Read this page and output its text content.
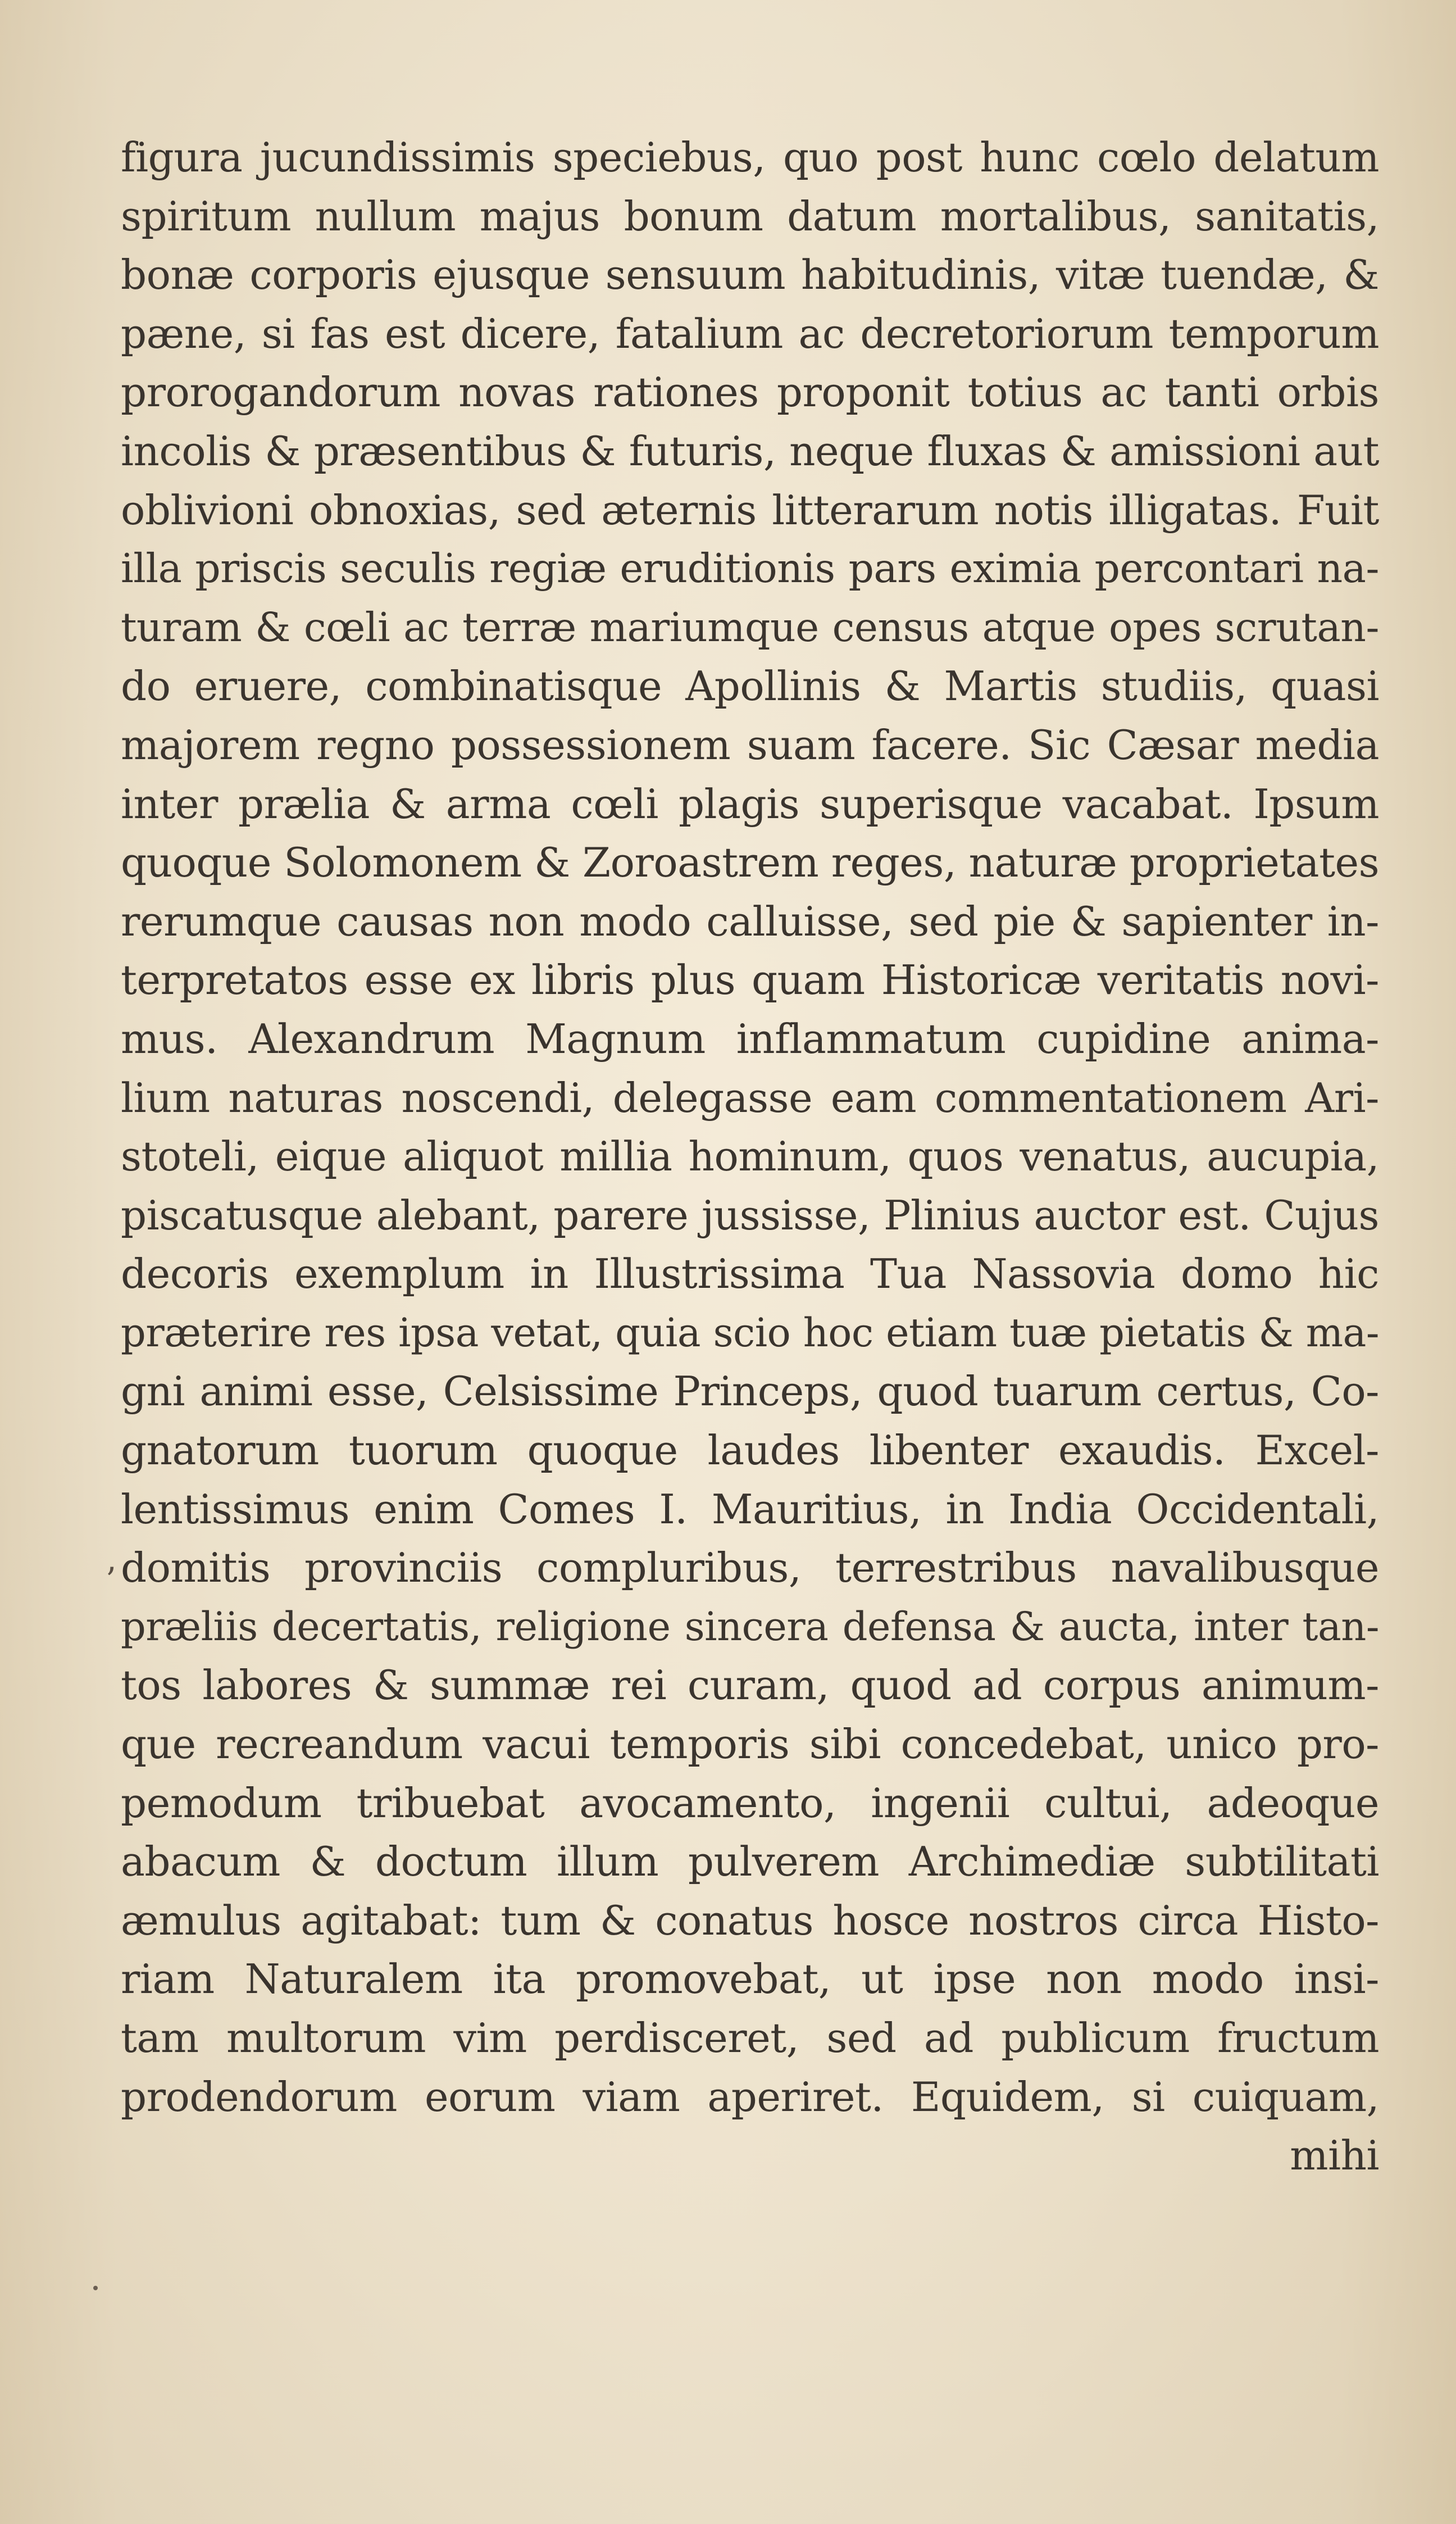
figura jucundissimis speciebus, quo post hunc cœlo delatum
spiritum nullum majus bonum datum mortalibus, sanitatis,
bonæ corporis ejusque sensuum habitudinis, vitæ tuendæ, &
pæne, si fas est dicere, fatalium ac decretoriorum temporum
prorogandorum novas rationes proponit totius ac tanti orbis
incolis & præsentibus & futuris, neque fluxas & amissioni aut
oblivioni obnoxias, sed æternis litterarum notis illigatas. Fuit
illa priscis seculis regiæ eruditionis pars eximia percontari na-
turam & cœli ac terræ mariumque census atque opes scrutan-
do eruere, combinatisque Apollinis & Martis studiis, quasi
majorem regno possessionem suam facere. Sic Cæsar media
inter prælia & arma cœli plagis superisque vacabat. Ipsum
quoque Solomonem & Zoroastrem reges, naturæ proprietates
rerumque causas non modo calluisse, sed pie & sapienter in-
terpretatos esse ex libris plus quam Historicæ veritatis novi-
mus. Alexandrum Magnum inflammatum cupidine anima-
lium naturas noscendi, delegasse eam commentationem Ari-
stoteli, eique aliquot millia hominum, quos venatus, aucupia,
piscatusque alebant, parere jussisse, Plinius auctor est. Cujus
decoris exemplum in Illustrissima Tua Nassovia domo hic
præterire res ipsa vetat, quia scio hoc etiam tuæ pietatis & ma-
gni animi esse, Celsissime Princeps, quod tuarum certus, Co-
gnatorum tuorum quoque laudes libenter exaudis. Excel-
lentissimus enim Comes I. Mauritius, in India Occidentali,
domitis provinciis compluribus, terrestribus navalibusque
præliis decertatis, religione sincera defensa & aucta, inter tan-
tos labores & summæ rei curam, quod ad corpus animum-
que recreandum vacui temporis sibi concedebat, unico pro-
pemodum tribuebat avocamento, ingenii cultui, adeoque
abacum & doctum illum pulverem Archimediæ subtilitati
æmulus agitabat: tum & conatus hosce nostros circa Histo-
riam Naturalem ita promovebat, ut ipse non modo insi-
tam multorum vim perdisceret, sed ad publicum fructum
prodendorum eorum viam aperiret. Equidem, si cuiquam,
mihi
ʼ
